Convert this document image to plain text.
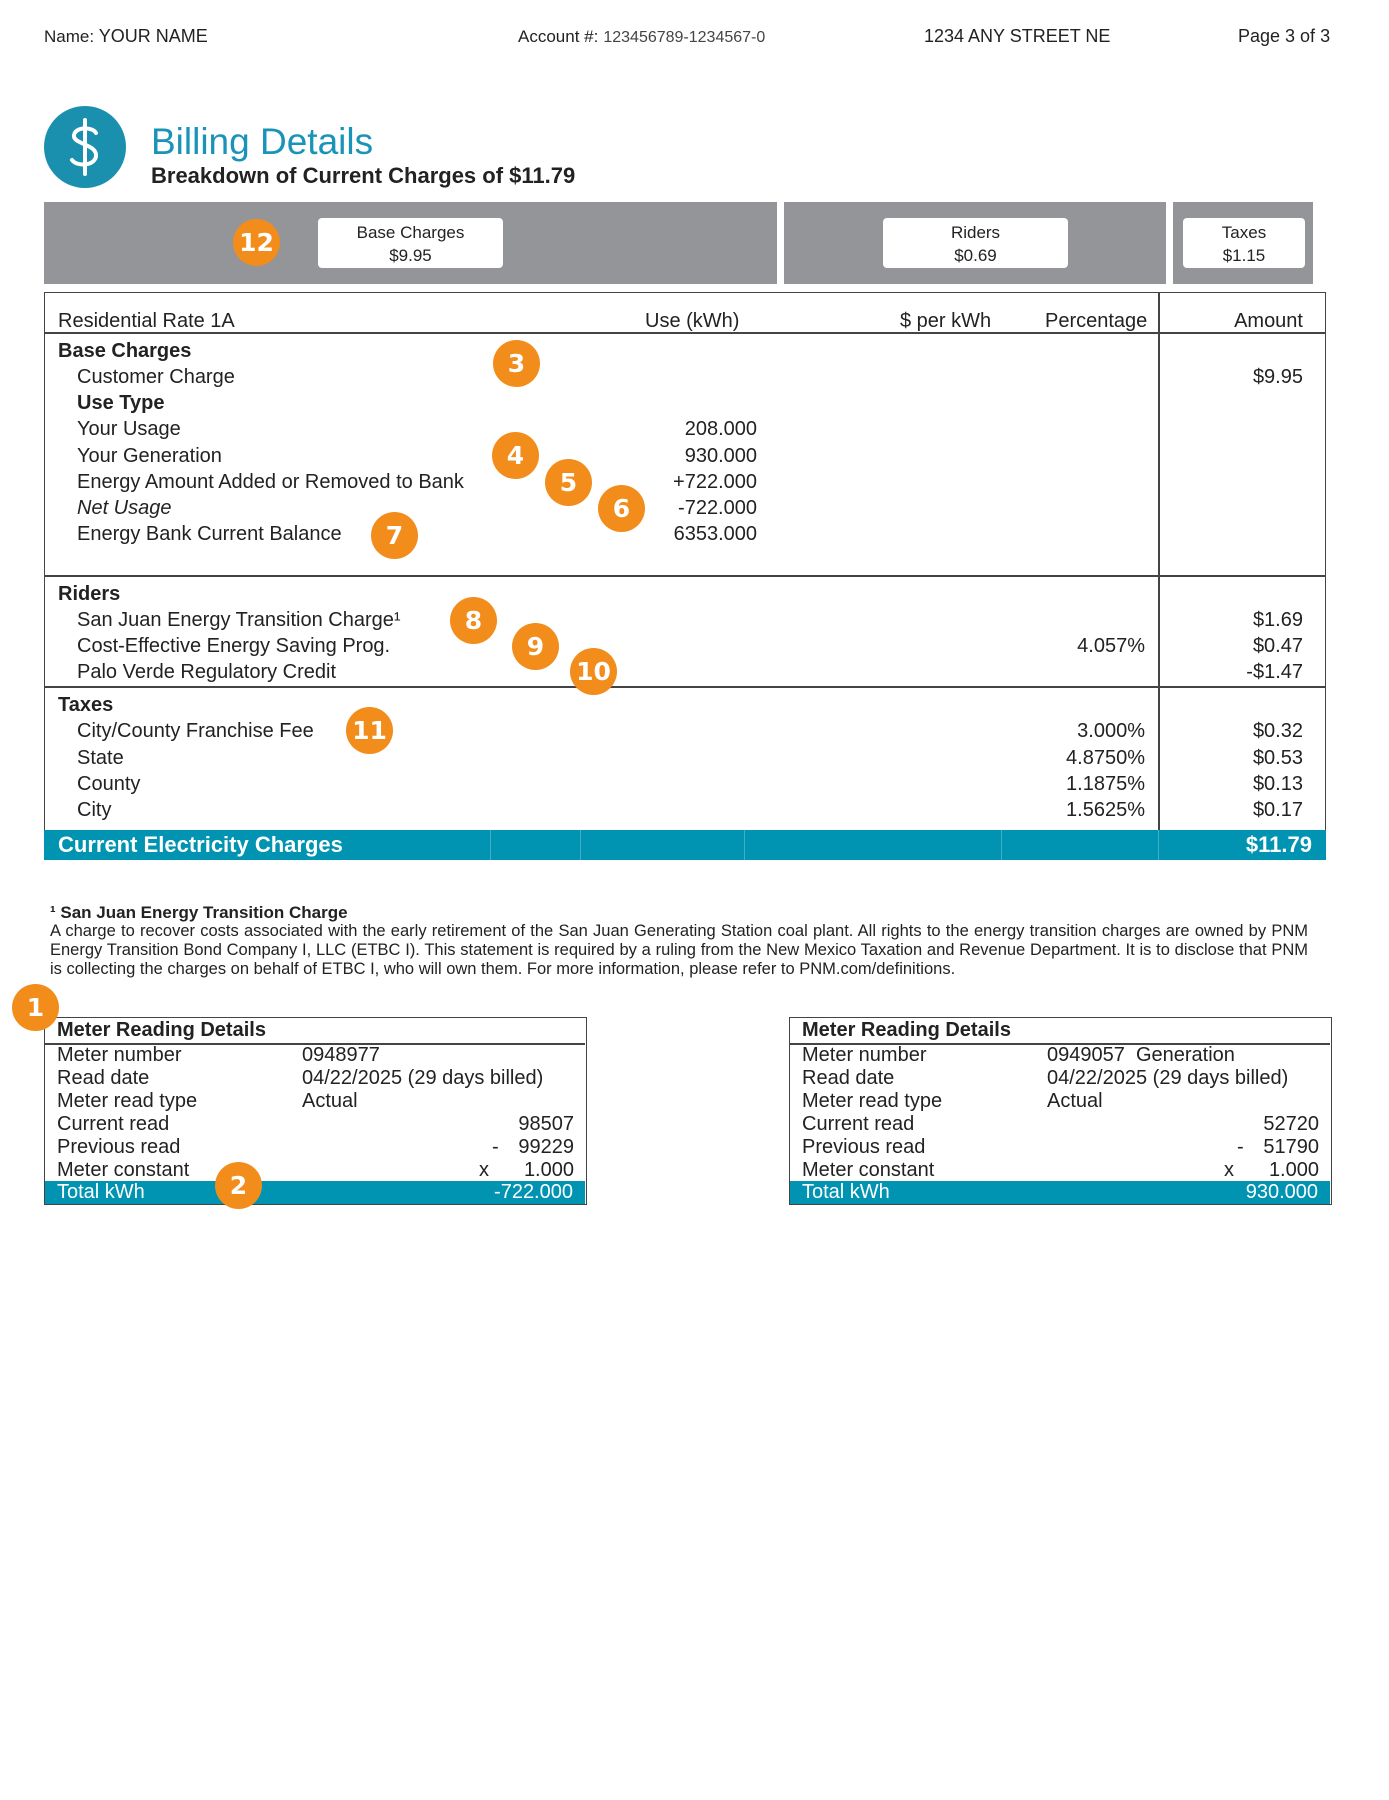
Name: YOUR NAME	Account #: 123456789-1234567-0	1234 ANY STREET NE	Page 3 of 3
Billing Details
Breakdown of Current Charges of $11.79
Base Charges
$9.95
Riders
$0.69
Taxes
$1.15
Residential Rate 1A	Use (kWh)	$ per kWh	Percentage	Amount
Base Charges
Customer Charge	$9.95
Use Type
Your Usage	208.000
Your Generation	930.000
Energy Amount Added or Removed to Bank	+722.000
Net Usage	-722.000
Energy Bank Current Balance	6353.000
Riders
San Juan Energy Transition Charge¹	$1.69
Cost-Effective Energy Saving Prog.	4.057%	$0.47
Palo Verde Regulatory Credit	-$1.47
Taxes
City/County Franchise Fee	3.000%	$0.32
State	4.8750%	$0.53
County	1.1875%	$0.13
City	1.5625%	$0.17
Current Electricity Charges	$11.79
¹ San Juan Energy Transition Charge
A charge to recover costs associated with the early retirement of the San Juan Generating Station coal plant. All rights to the energy transition charges are owned by PNM Energy Transition Bond Company I, LLC (ETBC I). This statement is required by a ruling from the New Mexico Taxation and Revenue Department. It is to disclose that PNM is collecting the charges on behalf of ETBC I, who will own them. For more information, please refer to PNM.com/definitions.
Meter Reading Details
Meter number	0948977
Read date	04/22/2025 (29 days billed)
Meter read type	Actual
Current read	98507
Previous read	- 99229
Meter constant	x 1.000
Total kWh	-722.000
Meter Reading Details
Meter number	0949057  Generation
Read date	04/22/2025 (29 days billed)
Meter read type	Actual
Current read	52720
Previous read	- 51790
Meter constant	x 1.000
Total kWh	930.000
1
2
3
4
5
6
7
8
9
10
11
12
